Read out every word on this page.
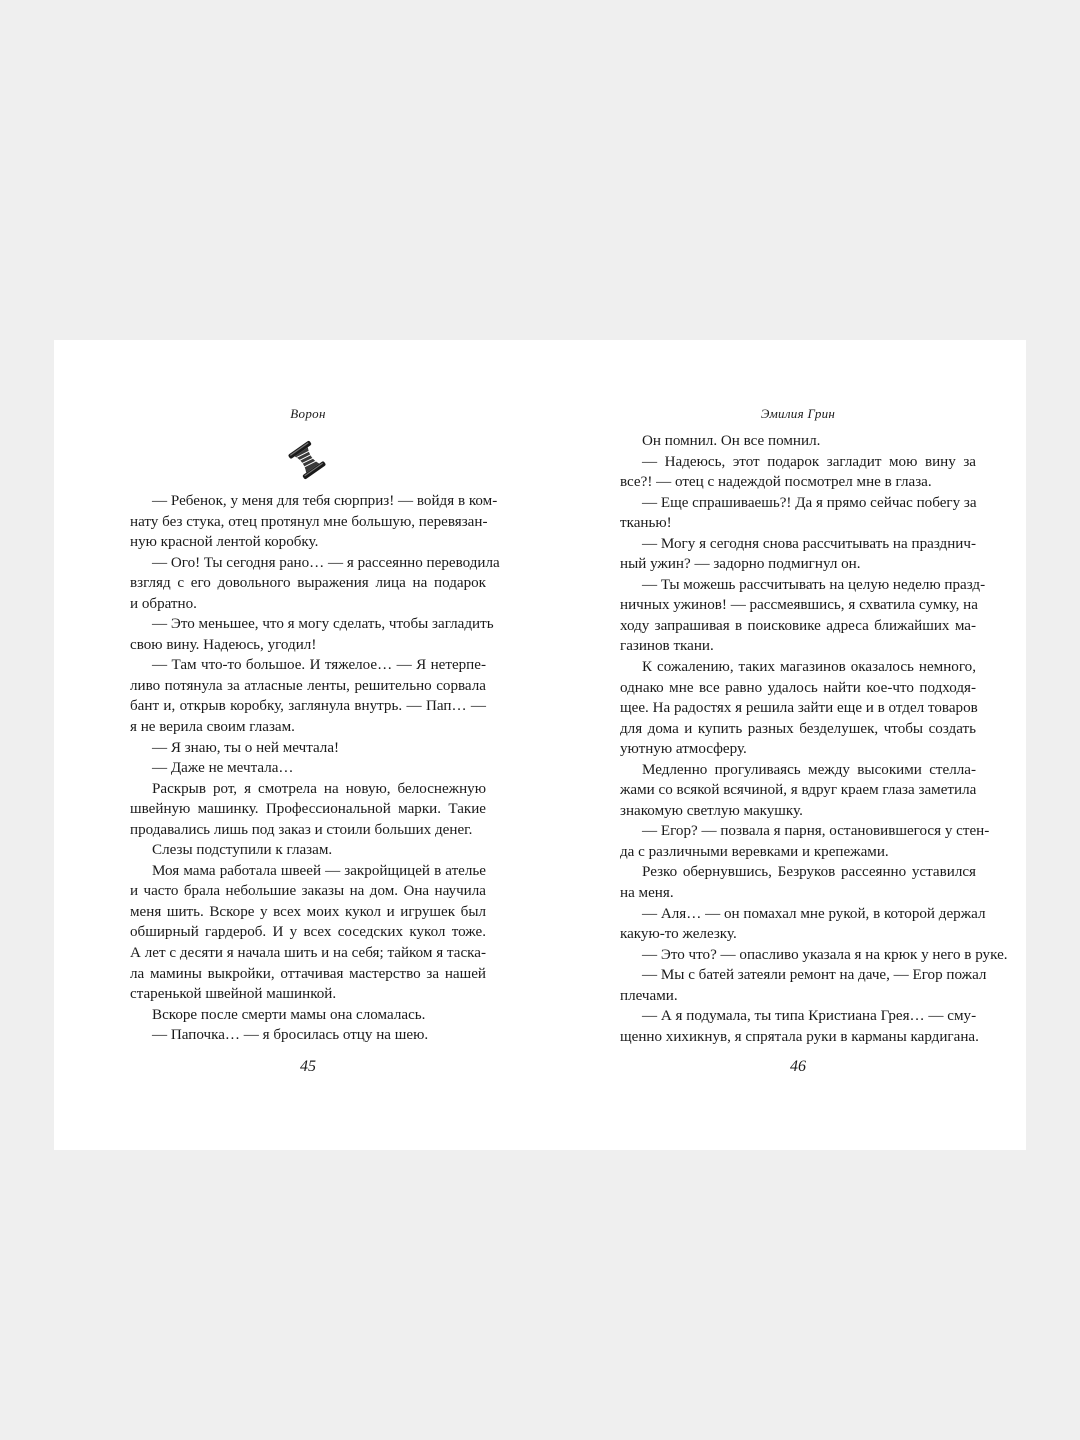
Ворон
— Ребенок, у меня для тебя сюрприз! — войдя в ком-
нату без стука, отец протянул мне большую, перевязан-
ную красной лентой коробку.
— Ого! Ты сегодня рано… — я рассеянно переводила
взгляд с его довольного выражения лица на подарок
и обратно.
— Это меньшее, что я могу сделать, чтобы загладить
свою вину. Надеюсь, угодил!
— Там что-то большое. И тяжелое… — Я нетерпе-
ливо потянула за атласные ленты, решительно сорвала
бант и, открыв коробку, заглянула внутрь. — Пап… —
я не верила своим глазам.
— Я знаю, ты о ней мечтала!
— Даже не мечтала…
Раскрыв рот, я смотрела на новую, белоснежную
швейную машинку. Профессиональной марки. Такие
продавались лишь под заказ и стоили больших денег.
Слезы подступили к глазам.
Моя мама работала швеей — закройщицей в ателье
и часто брала небольшие заказы на дом. Она научила
меня шить. Вскоре у всех моих кукол и игрушек был
обширный гардероб. И у всех соседских кукол тоже.
А лет с десяти я начала шить и на себя; тайком я таска-
ла мамины выкройки, оттачивая мастерство за нашей
старенькой швейной машинкой.
Вскоре после смерти мамы она сломалась.
— Папочка… — я бросилась отцу на шею.
45
Эмилия Грин
Он помнил. Он все помнил.
— Надеюсь, этот подарок загладит мою вину за
все?! — отец с надеждой посмотрел мне в глаза.
— Еще спрашиваешь?! Да я прямо сейчас побегу за
тканью!
— Могу я сегодня снова рассчитывать на празднич-
ный ужин? — задорно подмигнул он.
— Ты можешь рассчитывать на целую неделю празд-
ничных ужинов! — рассмеявшись, я схватила сумку, на
ходу запрашивая в поисковике адреса ближайших ма-
газинов ткани.
К сожалению, таких магазинов оказалось немного,
однако мне все равно удалось найти кое-что подходя-
щее. На радостях я решила зайти еще и в отдел товаров
для дома и купить разных безделушек, чтобы создать
уютную атмосферу.
Медленно прогуливаясь между высокими стелла-
жами со всякой всячиной, я вдруг краем глаза заметила
знакомую светлую макушку.
— Егор? — позвала я парня, остановившегося у стен-
да с различными веревками и крепежами.
Резко обернувшись, Безруков рассеянно уставился
на меня.
— Аля… — он помахал мне рукой, в которой держал
какую-то железку.
— Это что? — опасливо указала я на крюк у него в руке.
— Мы с батей затеяли ремонт на даче, — Егор пожал
плечами.
— А я подумала, ты типа Кристиана Грея… — сму-
щенно хихикнув, я спрятала руки в карманы кардигана.
46
